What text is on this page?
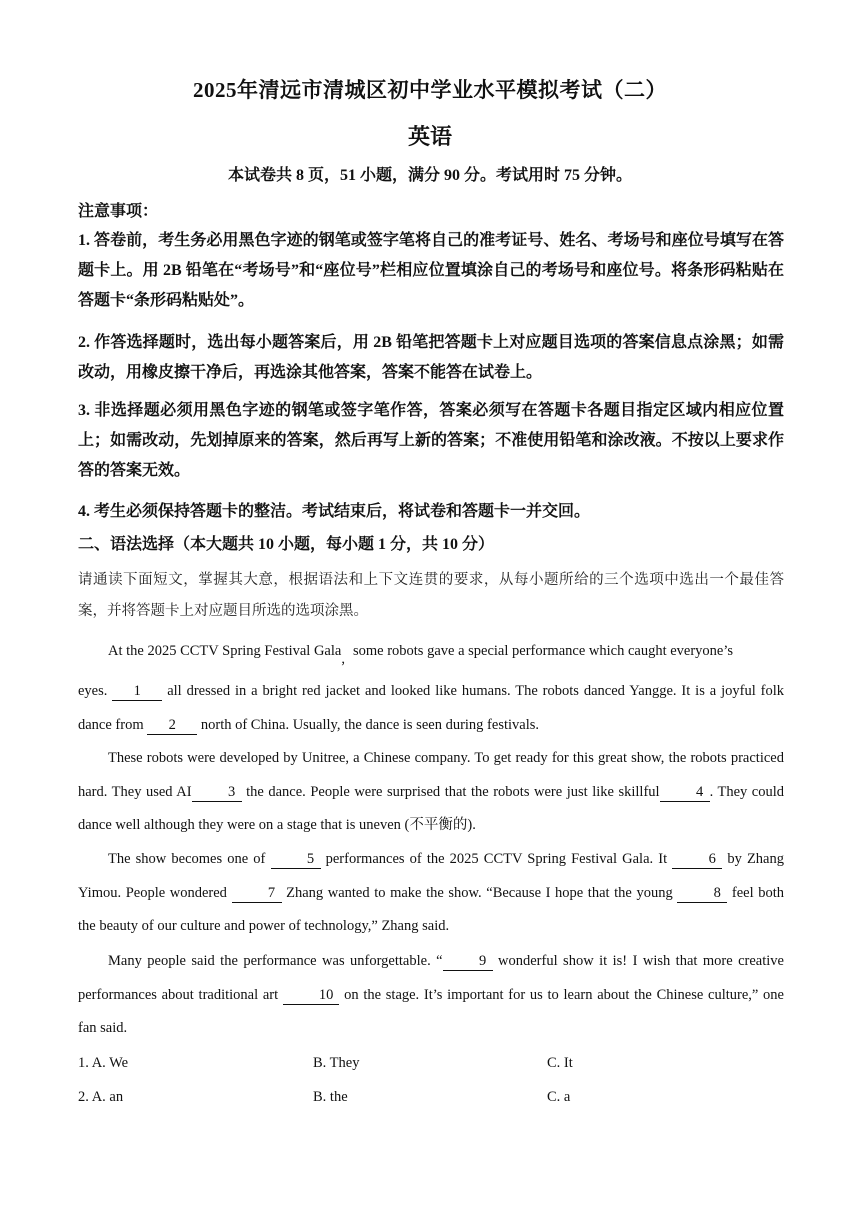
2025年清远市清城区初中学业水平模拟考试（二）
英语
本试卷共 8 页，51 小题，满分 90 分。考试用时 75 分钟。
注意事项：
1. 答卷前，考生务必用黑色字迹的钢笔或签字笔将自己的准考证号、姓名、考场号和座位号填写在答题卡上。用 2B 铅笔在“考场号”和“座位号”栏相应位置填涂自己的考场号和座位号。将条形码粘贴在答题卡“条形码粘贴处”。
2. 作答选择题时，选出每小题答案后，用 2B 铅笔把答题卡上对应题目选项的答案信息点涂黑；如需改动，用橡皮擦干净后，再选涂其他答案，答案不能答在试卷上。
3. 非选择题必须用黑色字迹的钢笔或签字笔作答，答案必须写在答题卡各题目指定区域内相应位置上；如需改动，先划掉原来的答案，然后再写上新的答案；不准使用铅笔和涂改液。不按以上要求作答的答案无效。
4. 考生必须保持答题卡的整洁。考试结束后，将试卷和答题卡一并交回。
二、语法选择（本大题共 10 小题，每小题 1 分，共 10 分）
请通读下面短文，掌握其大意，根据语法和上下文连贯的要求，从每小题所给的三个选项中选出一个最佳答案，并将答题卡上对应题目所选的选项涂黑。
At the 2025 CCTV Spring Festival Gala, some robots gave a special performance which caught everyone’s
eyes. 1 all dressed in a bright red jacket and looked like humans. The robots danced Yangge. It is a joyful folk dance from 2 north of China. Usually, the dance is seen during festivals.
These robots were developed by Unitree, a Chinese company. To get ready for this great show, the robots practiced hard. They used AI	3 the dance. People were surprised that the robots were just like skillful	4 . They could dance well although they were on a stage that is uneven (不平衡的).
The show becomes one of	5 performances of the 2025 CCTV Spring Festival Gala. It	6 by Zhang Yimou. People wondered	7 Zhang wanted to make the show. “Because I hope that the young	8 feel both the beauty of our culture and power of technology,” Zhang said.
Many people said the performance was unforgettable. “	9 wonderful show it is! I wish that more creative performances about traditional art 10 on the stage. It’s important for us to learn about the Chinese culture,” one fan said.
1. A. We	B. They	C. It
2. A. an	B. the	C. a
